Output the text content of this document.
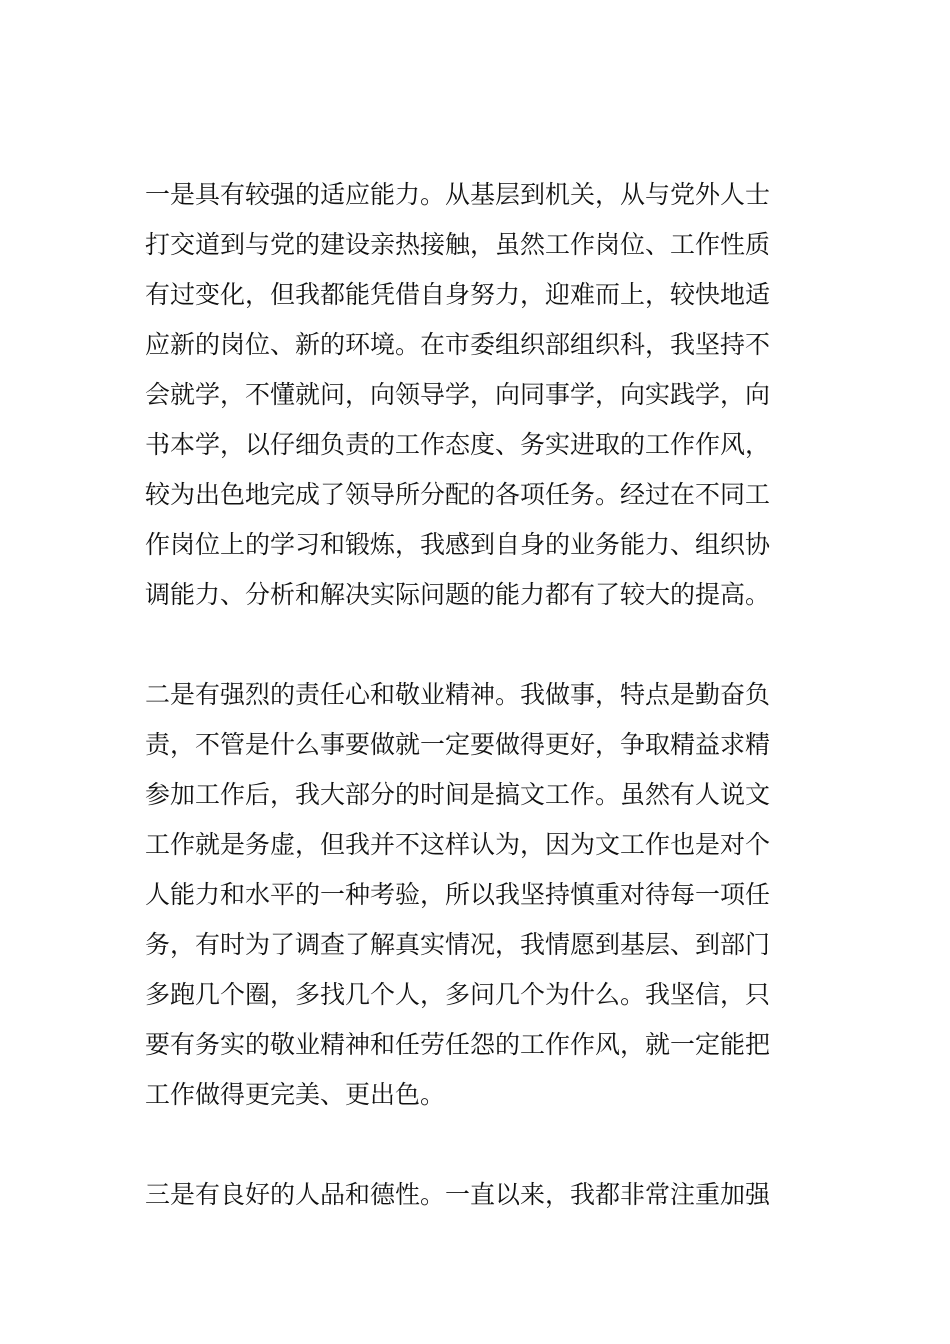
一是具有较强的适应能力。从基层到机关，从与党外人士
打交道到与党的建设亲热接触，虽然工作岗位、工作性质
有过变化，但我都能凭借自身努力，迎难而上，较快地适
应新的岗位、新的环境。在市委组织部组织科，我坚持不
会就学，不懂就问，向领导学，向同事学，向实践学，向
书本学，以仔细负责的工作态度、务实进取的工作作风，
较为出色地完成了领导所分配的各项任务。经过在不同工
作岗位上的学习和锻炼，我感到自身的业务能力、组织协
调能力、分析和解决实际问题的能力都有了较大的提高。

二是有强烈的责任心和敬业精神。我做事，特点是勤奋负
责，不管是什么事要做就一定要做得更好，争取精益求精
参加工作后，我大部分的时间是搞文工作。虽然有人说文
工作就是务虚，但我并不这样认为，因为文工作也是对个
人能力和水平的一种考验，所以我坚持慎重对待每一项任
务，有时为了调查了解真实情况，我情愿到基层、到部门
多跑几个圈，多找几个人，多问几个为什么。我坚信，只
要有务实的敬业精神和任劳任怨的工作作风，就一定能把
工作做得更完美、更出色。

三是有良好的人品和德性。一直以来，我都非常注重加强
